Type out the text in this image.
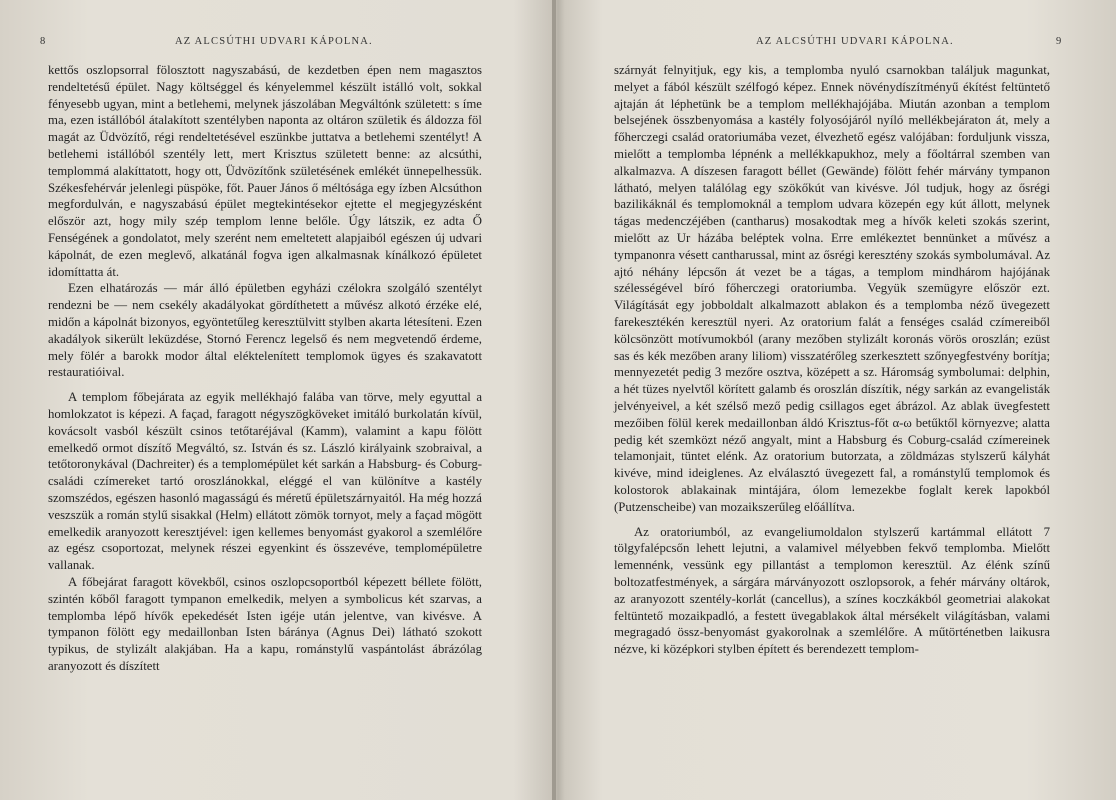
8	AZ ALCSÚTHI UDVARI KÁPOLNA.

kettős oszlopsorral fölosztott nagyszabású, de kezdetben épen nem magasztos rendeltetésű épület. Nagy költséggel és kényelemmel készült istálló volt, sokkal fényesebb ugyan, mint a betlehemi, melynek jászolában Megváltónk született: s íme ma, ezen istállóból átalakított szentélyben naponta az oltáron születik és áldozza föl magát az Üdvözítő, régi rendeltetésével eszünkbe juttatva a betlehemi szentélyt! A betlehemi istállóból szentély lett, mert Krisztus született benne: az alcsúthi, templommá alakíttatott, hogy ott, Üdvözítőnk születésének emlékét ünnepelhessük. Székesfehérvár jelenlegi püspöke, főt. Pauer János ő méltósága egy ízben Alcsúthon megfordulván, e nagyszabású épület megtekintésekor ejtette el megjegyzésként először azt, hogy mily szép templom lenne belőle. Úgy látszik, ez adta Ő Fenségének a gondolatot, mely szerént nem emeltetett alapjaiból egészen új udvari kápolnát, de ezen meglevő, alkatánál fogva igen alkalmasnak kínálkozó épületet idomíttatta át.

Ezen elhatározás — már álló épületben egyházi czélokra szolgáló szentélyt rendezni be — nem csekély akadályokat gördíthetett a művész alkotó érzéke elé, midőn a kápolnát bizonyos, egyöntetűleg keresztülvitt stylben akarta létesíteni. Ezen akadályok sikerült leküzdése, Stornó Ferencz legelső és nem megvetendő érdeme, mely fölér a barokk modor által eléktelenített templomok ügyes és szakavatott restauratióival.

A templom főbejárata az egyik mellékhajó falába van törve, mely egyuttal a homlokzatot is képezi. A façad, faragott négyszögköveket imitáló burkolatán kívül, kovácsolt vasból készült csinos tetőtaréjával (Kamm), valamint a kapu fölött emelkedő ormot díszítő Megváltó, sz. István és sz. László királyaink szobraival, a tetőtoronykával (Dachreiter) és a templomépület két sarkán a Habsburg- és Coburg-családi czímereket tartó oroszlánokkal, eléggé el van különítve a kastély szomszédos, egészen hasonló magasságú és méretű épületszárnyaitól. Ha még hozzá veszszük a román stylű sisakkal (Helm) ellátott zömök tornyot, mely a façad mögött emelkedik aranyozott keresztjével: igen kellemes benyomást gyakorol a szemlélőre az egész csoportozat, melynek részei egyenkint és összevéve, templomépületre vallanak.

A főbejárat faragott kövekből, csinos oszlopcsoportból képezett béllete fölött, szintén kőből faragott tympanon emelkedik, melyen a symbolicus két szarvas, a templomba lépő hívők epekedését Isten igéje után jelentve, van kivésve. A tympanon fölött egy medaillonban Isten báránya (Agnus Dei) látható szokott typikus, de stylizált alakjában. Ha a kapu, románstylű vaspántolást ábrázólag aranyozott és díszített

AZ ALCSÚTHI UDVARI KÁPOLNA.	9

szárnyát felnyitjuk, egy kis, a templomba nyuló csarnokban találjuk magunkat, melyet a fából készült szélfogó képez. Ennek növénydíszítményű ékítést feltüntető ajtaján át léphetünk be a templom mellékhajójába. Miután azonban a templom belsejének összbenyomása a kastély folyosójáról nyíló mellékbejáraton át, mely a főherczegi család oratoriumába vezet, élvezhető egész valójában: forduljunk vissza, mielőtt a templomba lépnénk a mellékkapukhoz, mely a főoltárral szemben van alkalmazva. A díszesen faragott béllet (Gewände) fölött fehér márvány tympanon látható, melyen találólag egy szökőkút van kivésve. Jól tudjuk, hogy az ősrégi bazilikáknál és templomoknál a templom udvara közepén egy kút állott, melynek tágas medenczéjében (cantharus) mosakodtak meg a hívők keleti szokás szerint, mielőtt az Ur házába beléptek volna. Erre emlékeztet bennünket a művész a tympanonra vésett cantharussal, mint az ősrégi keresztény szokás symbolumával. Az ajtó néhány lépcsőn át vezet be a tágas, a templom mindhárom hajójának szélességével bíró főherczegi oratoriumba. Vegyük szemügyre először ezt. Világítását egy jobboldalt alkalmazott ablakon és a templomba néző üvegezett farekesztékén keresztül nyeri. Az oratorium falát a fenséges család czímereiből kölcsönzött motívumokból (arany mezőben stylizált koronás vörös oroszlán; ezüst sas és kék mezőben arany liliom) visszatérőleg szerkesztett szőnyegfestvény borítja; mennyezetét pedig 3 mezőre osztva, középett a sz. Háromság symbolumai: delphin, a hét tüzes nyelvtől körített galamb és oroszlán díszítik, négy sarkán az evangelisták jelvényeivel, a két szélső mező pedig csillagos eget ábrázol. Az ablak üvegfestett mezőiben fölül kerek medaillonban áldó Krisztus-főt α-ω betűktől környezve; alatta pedig két szemközt néző angyalt, mint a Habsburg és Coburg-család czímereinek telamonjait, tüntet elénk. Az oratorium butorzata, a zöldmázas stylszerű kályhát kivéve, mind ideiglenes. Az elválasztó üvegezett fal, a románstylű templomok és kolostorok ablakainak mintájára, ólom lemezekbe foglalt kerek lapokból (Putzenscheibe) van mozaikszerűleg előállítva.

Az oratoriumból, az evangeliumoldalon stylszerű kartámmal ellátott 7 tölgyfalépcsőn lehett lejutni, a valamivel mélyebben fekvő templomba. Mielőtt lemennénk, vessünk egy pillantást a templomon keresztül. Az élénk színű boltozatfestmények, a sárgára márványozott oszlopsorok, a fehér márvány oltárok, az aranyozott szentély-korlát (cancellus), a színes koczkákból geometriai alakokat feltüntető mozaikpadló, a festett üvegablakok által mérsékelt világításban, valami megragadó össz-benyomást gyakorolnak a szemlélőre. A műtörténetben laikusra nézve, ki középkori stylben épített és berendezett templom-
